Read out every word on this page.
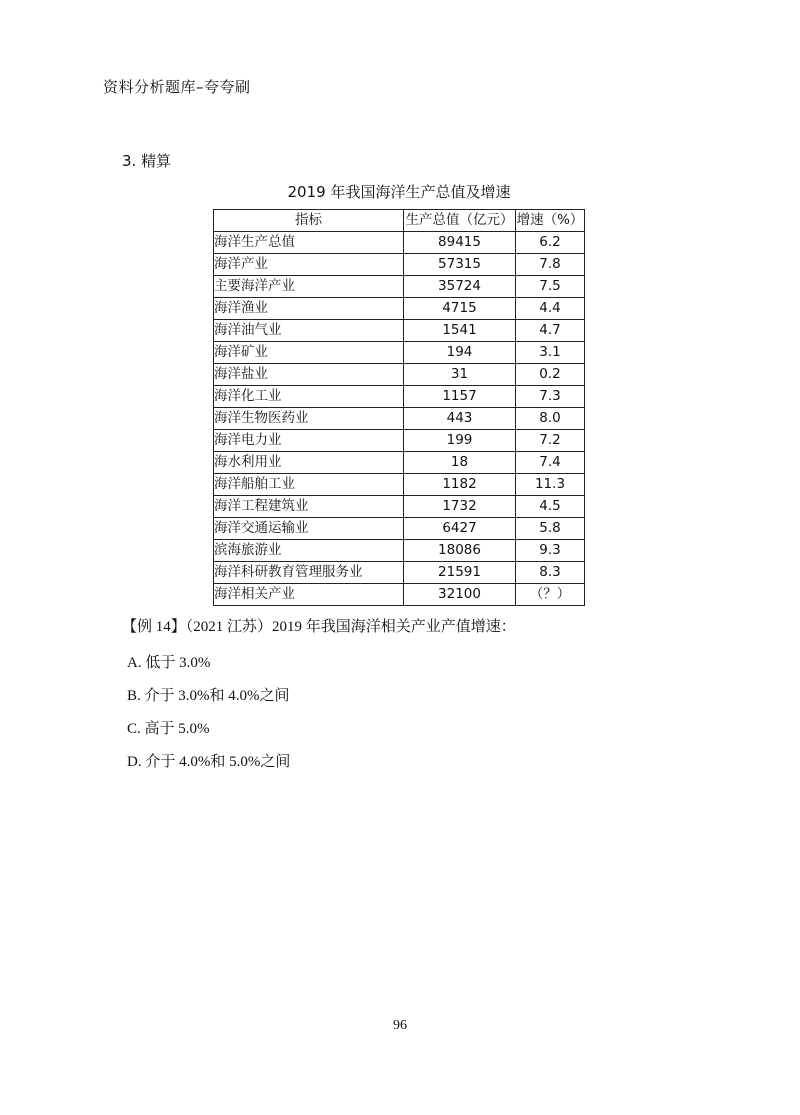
资料分析题库–夸夸刷
3. 精算
2019 年我国海洋生产总值及增速
指标	生产总值（亿元）	增速（%）
海洋生产总值	89415	6.2
海洋产业	57315	7.8
主要海洋产业	35724	7.5
海洋渔业	4715	4.4
海洋油气业	1541	4.7
海洋矿业	194	3.1
海洋盐业	31	0.2
海洋化工业	1157	7.3
海洋生物医药业	443	8.0
海洋电力业	199	7.2
海水利用业	18	7.4
海洋船舶工业	1182	11.3
海洋工程建筑业	1732	4.5
海洋交通运输业	6427	5.8
滨海旅游业	18086	9.3
海洋科研教育管理服务业	21591	8.3
海洋相关产业	32100	（？）
【例 14】（2021 江苏）2019 年我国海洋相关产业产值增速：
A. 低于 3.0%
B. 介于 3.0%和 4.0%之间
C. 高于 5.0%
D. 介于 4.0%和 5.0%之间
96
